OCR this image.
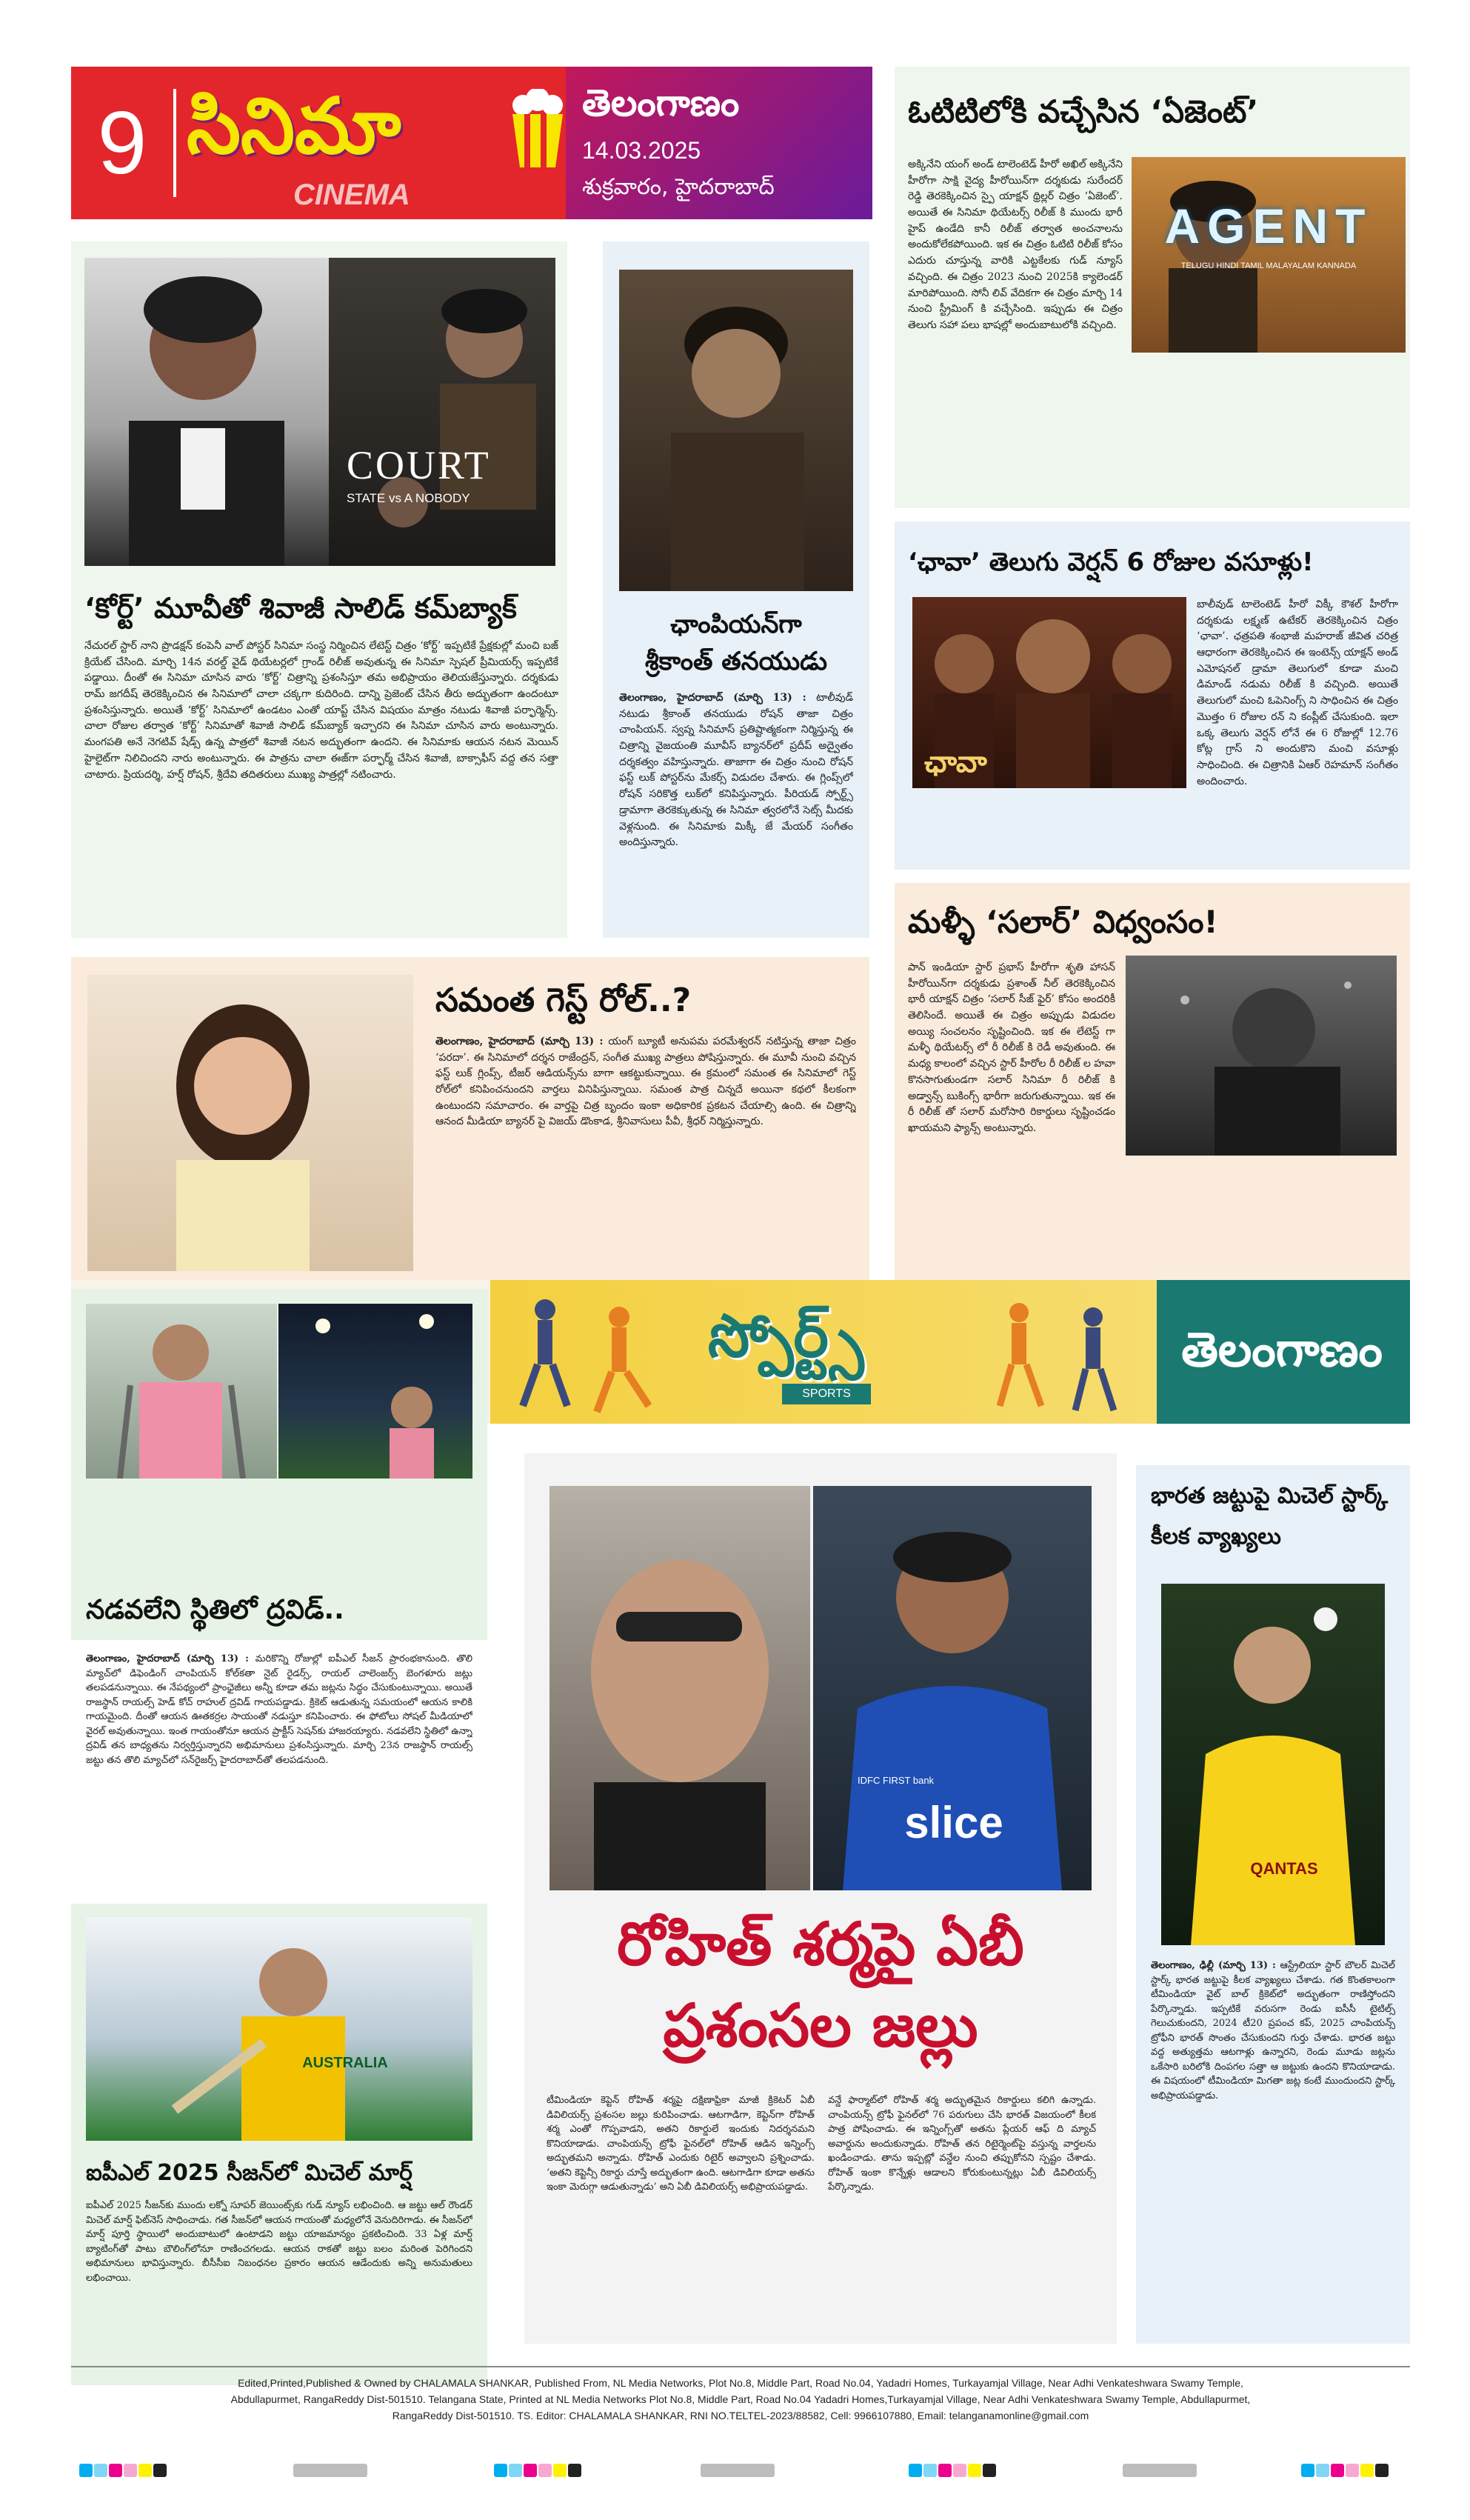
9 సినిమా
CINEMA
తెలంగాణం
14.03.2025
శుక్రవారం, హైదరాబాద్
COURT
STATE vs A NOBODY
‘కోర్ట్’ మూవీతో శివాజీ సాలిడ్ కమ్‌బ్యాక్
నేచురల్ స్టార్ నాని ప్రొడక్షన్ కంపెనీ వాల్ పోస్టర్ సినిమా సంస్థ నిర్మించిన లేటెస్ట్ చిత్రం ‘కోర్ట్’ ఇప్పటికే ప్రేక్షకుల్లో మంచి బజ్ క్రియేట్ చేసింది. మార్చి 14న వరల్డ్ వైడ్ థియేటర్లలో గ్రాండ్ రిలీజ్ అవుతున్న ఈ సినిమా స్పెషల్ ప్రీమియర్స్ ఇప్పటికే పడ్డాయి. దీంతో ఈ సినిమా చూసిన వారు ‘కోర్ట్’ చిత్రాన్ని ప్రశంసిస్తూ తమ అభిప్రాయం తెలియజేస్తున్నారు. దర్శకుడు రామ్ జగదీష్ తెరకెక్కించిన ఈ సినిమాలో చాలా చక్కగా కుదిరింది. దాన్ని ప్రెజెంట్ చేసిన తీరు అద్భుతంగా ఉందంటూ ప్రశంసిస్తున్నారు. అయితే ‘కోర్ట్’ సినిమాలో ఉండటం ఎంతో యాప్ట్ చేసిన విషయం మాత్రం నటుడు శివాజీ పర్ఫార్మెన్స్. చాలా రోజుల తర్వాత ‘కోర్ట్’ సినిమాతో శివాజీ సాలిడ్ కమ్‌బ్యాక్ ఇచ్చారని ఈ సినిమా చూసిన వారు అంటున్నారు. మంగపతి అనే నెగటివ్ షేడ్స్ ఉన్న పాత్రలో శివాజీ నటన అద్భుతంగా ఉందని. ఈ సినిమాకు ఆయన నటన మెయిన్ హైలైట్‌గా నిలిచిందని నారు అంటున్నారు. ఈ పాత్రను చాలా ఈజ్‌గా పర్ఫార్మ్ చేసిన శివాజీ, బాక్సాఫీస్ వద్ద తన సత్తా చాటారు. ప్రియదర్శి, హర్ష్ రోషన్, శ్రీదేవి తదితరులు ముఖ్య పాత్రల్లో నటించారు.
ఛాంపియన్‌గా
శ్రీకాంత్ తనయుడు
తెలంగాణం, హైదరాబాద్ (మార్చి 13) : టాలీవుడ్ నటుడు శ్రీకాంత్ తనయుడు రోషన్ తాజా చిత్రం చాంపియన్. స్వప్న సినిమాస్ ప్రతిష్టాత్మకంగా నిర్మిస్తున్న ఈ చిత్రాన్ని వైజయంతి మూవీస్ బ్యానర్‌లో ప్రదీప్ అద్వైతం దర్శకత్వం వహిస్తున్నారు. తాజాగా ఈ చిత్రం నుంచి రోషన్ ఫస్ట్ లుక్ పోస్టర్‌ను మేకర్స్ విడుదల చేశారు. ఈ గ్లింప్స్‌లో రోషన్ సరికొత్త లుక్‌లో కనిపిస్తున్నారు. పీరియడ్ స్పోర్ట్స్ డ్రామాగా తెరకెక్కుతున్న ఈ సినిమా త్వరలోనే సెట్స్ మీదకు వెళ్లనుంది. ఈ సినిమాకు మిక్కీ జే మేయర్ సంగీతం అందిస్తున్నారు.
సమంత గెస్ట్ రోల్..?
తెలంగాణం, హైదరాబాద్ (మార్చి 13) : యంగ్ బ్యూటీ అనుపమ పరమేశ్వరన్ నటిస్తున్న తాజా చిత్రం ‘పరదా’. ఈ సినిమాలో దర్శన రాజేంద్రన్, సంగీత ముఖ్య పాత్రలు పోషిస్తున్నారు. ఈ మూవీ నుంచి వచ్చిన ఫస్ట్ లుక్ గ్లింప్స్, టీజర్ ఆడియన్స్‌ను బాగా ఆకట్టుకున్నాయి. ఈ క్రమంలో సమంత ఈ సినిమాలో గెస్ట్ రోల్‌లో కనిపించనుందని వార్తలు వినిపిస్తున్నాయి. సమంత పాత్ర చిన్నదే అయినా కథలో కీలకంగా ఉంటుందని సమాచారం. ఈ వార్తపై చిత్ర బృందం ఇంకా అధికారిక ప్రకటన చేయాల్సి ఉంది. ఈ చిత్రాన్ని ఆనంద మీడియా బ్యానర్ పై విజయ్ డొంకాడ, శ్రీనివాసులు పీవీ, శ్రీధర్ నిర్మిస్తున్నారు.
ఓటిటిలోకి వచ్చేసిన ‘ఏజెంట్’
అక్కినేని యంగ్ అండ్ టాలెంటెడ్ హీరో అఖిల్ అక్కినేని హీరోగా సాక్షి వైద్య హీరోయిన్‌గా దర్శకుడు సురేందర్ రెడ్డి తెరకెక్కించిన స్పై యాక్షన్ థ్రిల్లర్ చిత్రం ‘ఏజెంట్’. అయితే ఈ సినిమా థియేటర్స్ రిలీజ్ కి ముందు భారీ హైప్ ఉండేది కానీ రిలీజ్ తర్వాత అంచనాలను అందుకోలేకపోయింది. ఇక ఈ చిత్రం ఓటిటి రిలీజ్ కోసం ఎదురు చూస్తున్న వారికి ఎట్టకేలకు గుడ్ న్యూస్ వచ్చింది. ఈ చిత్రం 2023 నుంచి 2025కి క్యాలెండర్ మారిపోయింది. సోనీ లివ్ వేదికగా ఈ చిత్రం మార్చి 14 నుంచి స్ట్రీమింగ్ కి వచ్చేసింది. ఇప్పుడు ఈ చిత్రం తెలుగు సహా పలు భాషల్లో అందుబాటులోకి వచ్చింది.
AGENT
TELUGU HINDI TAMIL MALAYALAM KANNADA
‘ఛావా’ తెలుగు వెర్షన్ 6 రోజుల వసూళ్లు!
ఛావా
బాలీవుడ్ టాలెంటెడ్ హీరో విక్కీ కౌశల్ హీరోగా దర్శకుడు లక్ష్మణ్ ఉటేకర్ తెరకెక్కించిన చిత్రం ‘ఛావా’. ఛత్రపతి శంభాజీ మహరాజ్ జీవిత చరిత్ర ఆధారంగా తెరకెక్కించిన ఈ ఇంటెన్స్ యాక్షన్ అండ్ ఎమోషనల్ డ్రామా తెలుగులో కూడా మంచి డిమాండ్ నడుమ రిలీజ్ కి వచ్చింది. అయితే తెలుగులో మంచి ఓపెనింగ్స్ ని సాధించిన ఈ చిత్రం మొత్తం 6 రోజుల రన్ ని కంప్లీట్ చేసుకుంది. ఇలా ఒక్క తెలుగు వెర్షన్ లోనే ఈ 6 రోజుల్లో 12.76 కోట్ల గ్రాస్ ని అందుకొని మంచి వసూళ్లు సాధించింది. ఈ చిత్రానికి ఏఆర్ రెహమాన్ సంగీతం అందించారు.
మళ్ళీ ‘సలార్’ విధ్వంసం!
పాన్ ఇండియా స్టార్ ప్రభాస్ హీరోగా శృతి హాసన్ హీరోయిన్‌గా దర్శకుడు ప్రశాంత్ నీల్ తెరకెక్కించిన భారీ యాక్షన్ చిత్రం ‘సలార్ సీజ్ ఫైర్’ కోసం అందరికీ తెలిసిందే. అయితే ఈ చిత్రం అప్పుడు విడుదల అయ్యి సంచలనం సృష్టించింది. ఇక ఈ లేటెస్ట్ గా మళ్ళీ థియేటర్స్ లో రీ రిలీజ్ కి రెడీ అవుతుంది. ఈ మధ్య కాలంలో వచ్చిన స్టార్ హీరోల రీ రిలీజ్ ల హవా కొనసాగుతుండగా సలార్ సినిమా రీ రిలీజ్ కి అడ్వాన్స్ బుకింగ్స్ భారీగా జరుగుతున్నాయి. ఇక ఈ రీ రిలీజ్ తో సలార్ మరోసారి రికార్డులు సృష్టించడం ఖాయమని ఫ్యాన్స్ అంటున్నారు.
స్పోర్ట్స్
SPORTS
తెలంగాణం
నడవలేని స్థితిలో ద్రవిడ్..
తెలంగాణం, హైదరాబాద్ (మార్చి 13) : మరికొన్ని రోజుల్లో ఐపీఎల్ సీజన్ ప్రారంభకానుంది. తొలి మ్యాచ్‌లో డిఫెండింగ్ చాంపియన్ కోల్‌కతా నైట్ రైడర్స్, రాయల్ చాలెంజర్స్ బెంగళూరు జట్లు తలపడనున్నాయి. ఈ నేపథ్యంలో ప్రాంఛైజీలు అన్నీ కూడా తమ జట్లను సిద్ధం చేసుకుంటున్నాయి. అయితే రాజస్థాన్ రాయల్స్ హెడ్ కోచ్ రాహుల్ ద్రవిడ్ గాయపడ్డాడు. క్రికెట్ ఆడుతున్న సమయంలో ఆయన కాలికి గాయమైంది. దీంతో ఆయన ఊతకర్రల సాయంతో నడుస్తూ కనిపించారు. ఈ ఫోటోలు సోషల్ మీడియాలో వైరల్ అవుతున్నాయి. ఇంత గాయంతోనూ ఆయన ప్రాక్టీస్ సెషన్‌కు హాజరయ్యారు. నడవలేని స్థితిలో ఉన్నా ద్రవిడ్ తన బాధ్యతను నిర్వర్తిస్తున్నారని అభిమానులు ప్రశంసిస్తున్నారు. మార్చి 23న రాజస్థాన్ రాయల్స్ జట్టు తన తొలి మ్యాచ్‌లో సన్‌రైజర్స్ హైదరాబాద్‌తో తలపడనుంది.
AUSTRALIA
ఐపీఎల్ 2025 సీజన్‌లో మిచెల్ మార్ష్
ఐపీఎల్ 2025 సీజన్‌కు ముందు లక్నో సూపర్ జెయింట్స్‌కు గుడ్ న్యూస్ లభించింది. ఆ జట్టు ఆల్ రౌండర్ మిచెల్ మార్ష్ ఫిట్‌నెస్ సాధించాడు. గత సీజన్‌లో ఆయన గాయంతో మధ్యలోనే వెనుదిరిగాడు. ఈ సీజన్‌లో మార్ష్ పూర్తి స్థాయిలో అందుబాటులో ఉంటాడని జట్టు యాజమాన్యం ప్రకటించింది. 33 ఏళ్ల మార్ష్ బ్యాటింగ్‌తో పాటు బౌలింగ్‌లోనూ రాణించగలడు. ఆయన రాకతో జట్టు బలం మరింత పెరిగిందని అభిమానులు భావిస్తున్నారు. బీసీసీఐ నిబంధనల ప్రకారం ఆయన ఆడేందుకు అన్ని అనుమతులు లభించాయి.
IDFC FIRST bank
slice
రోహిత్ శర్మపై ఏబీ
ప్రశంసల జల్లు
టీమిండియా కెప్టెన్ రోహిత్ శర్మపై దక్షిణాఫ్రికా మాజీ క్రికెటర్ ఏబీ డివిలియర్స్ ప్రశంసల జల్లు కురిపించాడు. ఆటగాడిగా, కెప్టెన్‌గా రోహిత్ శర్మ ఎంతో గొప్పవాడని, అతని రికార్డులే ఇందుకు నిదర్శనమని కొనియాడాడు. చాంపియన్స్ ట్రోఫీ ఫైనల్‌లో రోహిత్ ఆడిన ఇన్నింగ్స్ అద్భుతమని అన్నాడు. రోహిత్ ఎందుకు రిటైర్ అవ్వాలని ప్రశ్నించాడు. ‘అతని కెప్టెన్సీ రికార్డు చూస్తే అద్భుతంగా ఉంది. ఆటగాడిగా కూడా అతను ఇంకా మెరుగ్గా ఆడుతున్నాడు’ అని ఏబీ డివిలియర్స్ అభిప్రాయపడ్డాడు.
వన్డే ఫార్మాట్‌లో రోహిత్ శర్మ అద్భుతమైన రికార్డులు కలిగి ఉన్నాడు. చాంపియన్స్ ట్రోఫీ ఫైనల్‌లో 76 పరుగులు చేసి భారత్ విజయంలో కీలక పాత్ర పోషించాడు. ఈ ఇన్నింగ్స్‌తో అతను ప్లేయర్ ఆఫ్ ది మ్యాచ్ అవార్డును అందుకున్నాడు. రోహిత్ తన రిటైర్మెంట్‌పై వస్తున్న వార్తలను ఖండించాడు. తాను ఇప్పట్లో వన్డేల నుంచి తప్పుకోనని స్పష్టం చేశాడు. రోహిత్ ఇంకా కొన్నేళ్లు ఆడాలని కోరుకుంటున్నట్లు ఏబీ డివిలియర్స్ పేర్కొన్నాడు.
భారత జట్టుపై మిచెల్ స్టార్క్ కీలక వ్యాఖ్యలు
QANTAS
తెలంగాణం, ఢిల్లీ (మార్చి 13) : ఆస్ట్రేలియా స్టార్ బౌలర్ మిచెల్ స్టార్క్ భారత జట్టుపై కీలక వ్యాఖ్యలు చేశాడు. గత కొంతకాలంగా టీమిండియా వైట్ బాల్ క్రికెట్‌లో అద్భుతంగా రాణిస్తోందని పేర్కొన్నాడు. ఇప్పటికే వరుసగా రెండు ఐసీసీ టైటిల్స్ గెలుచుకుందని, 2024 టీ20 ప్రపంచ కప్, 2025 చాంపియన్స్ ట్రోఫీని భారత్ సొంతం చేసుకుందని గుర్తు చేశాడు. భారత జట్టు వద్ద అత్యుత్తమ ఆటగాళ్లు ఉన్నారని, రెండు మూడు జట్లను ఒకేసారి బరిలోకి దింపగల సత్తా ఆ జట్టుకు ఉందని కొనియాడాడు. ఈ విషయంలో టీమిండియా మిగతా జట్ల కంటే ముందుందని స్టార్క్ అభిప్రాయపడ్డాడు.
Edited,Printed,Published & Owned by CHALAMALA SHANKAR, Published From, NL Media Networks, Plot No.8, Middle Part, Road No.04, Yadadri Homes, Turkayamjal Village, Near Adhi Venkateshwara Swamy Temple,
Abdullapurmet, RangaReddy Dist-501510. Telangana State, Printed at NL Media Networks Plot No.8, Middle Part, Road No.04 Yadadri Homes,Turkayamjal Village, Near Adhi Venkateshwara Swamy Temple, Abdullapurmet,
RangaReddy Dist-501510. TS. Editor: CHALAMALA SHANKAR, RNI NO.TELTEL-2023/88582, Cell: 9966107880, Email: telanganamonline@gmail.com
